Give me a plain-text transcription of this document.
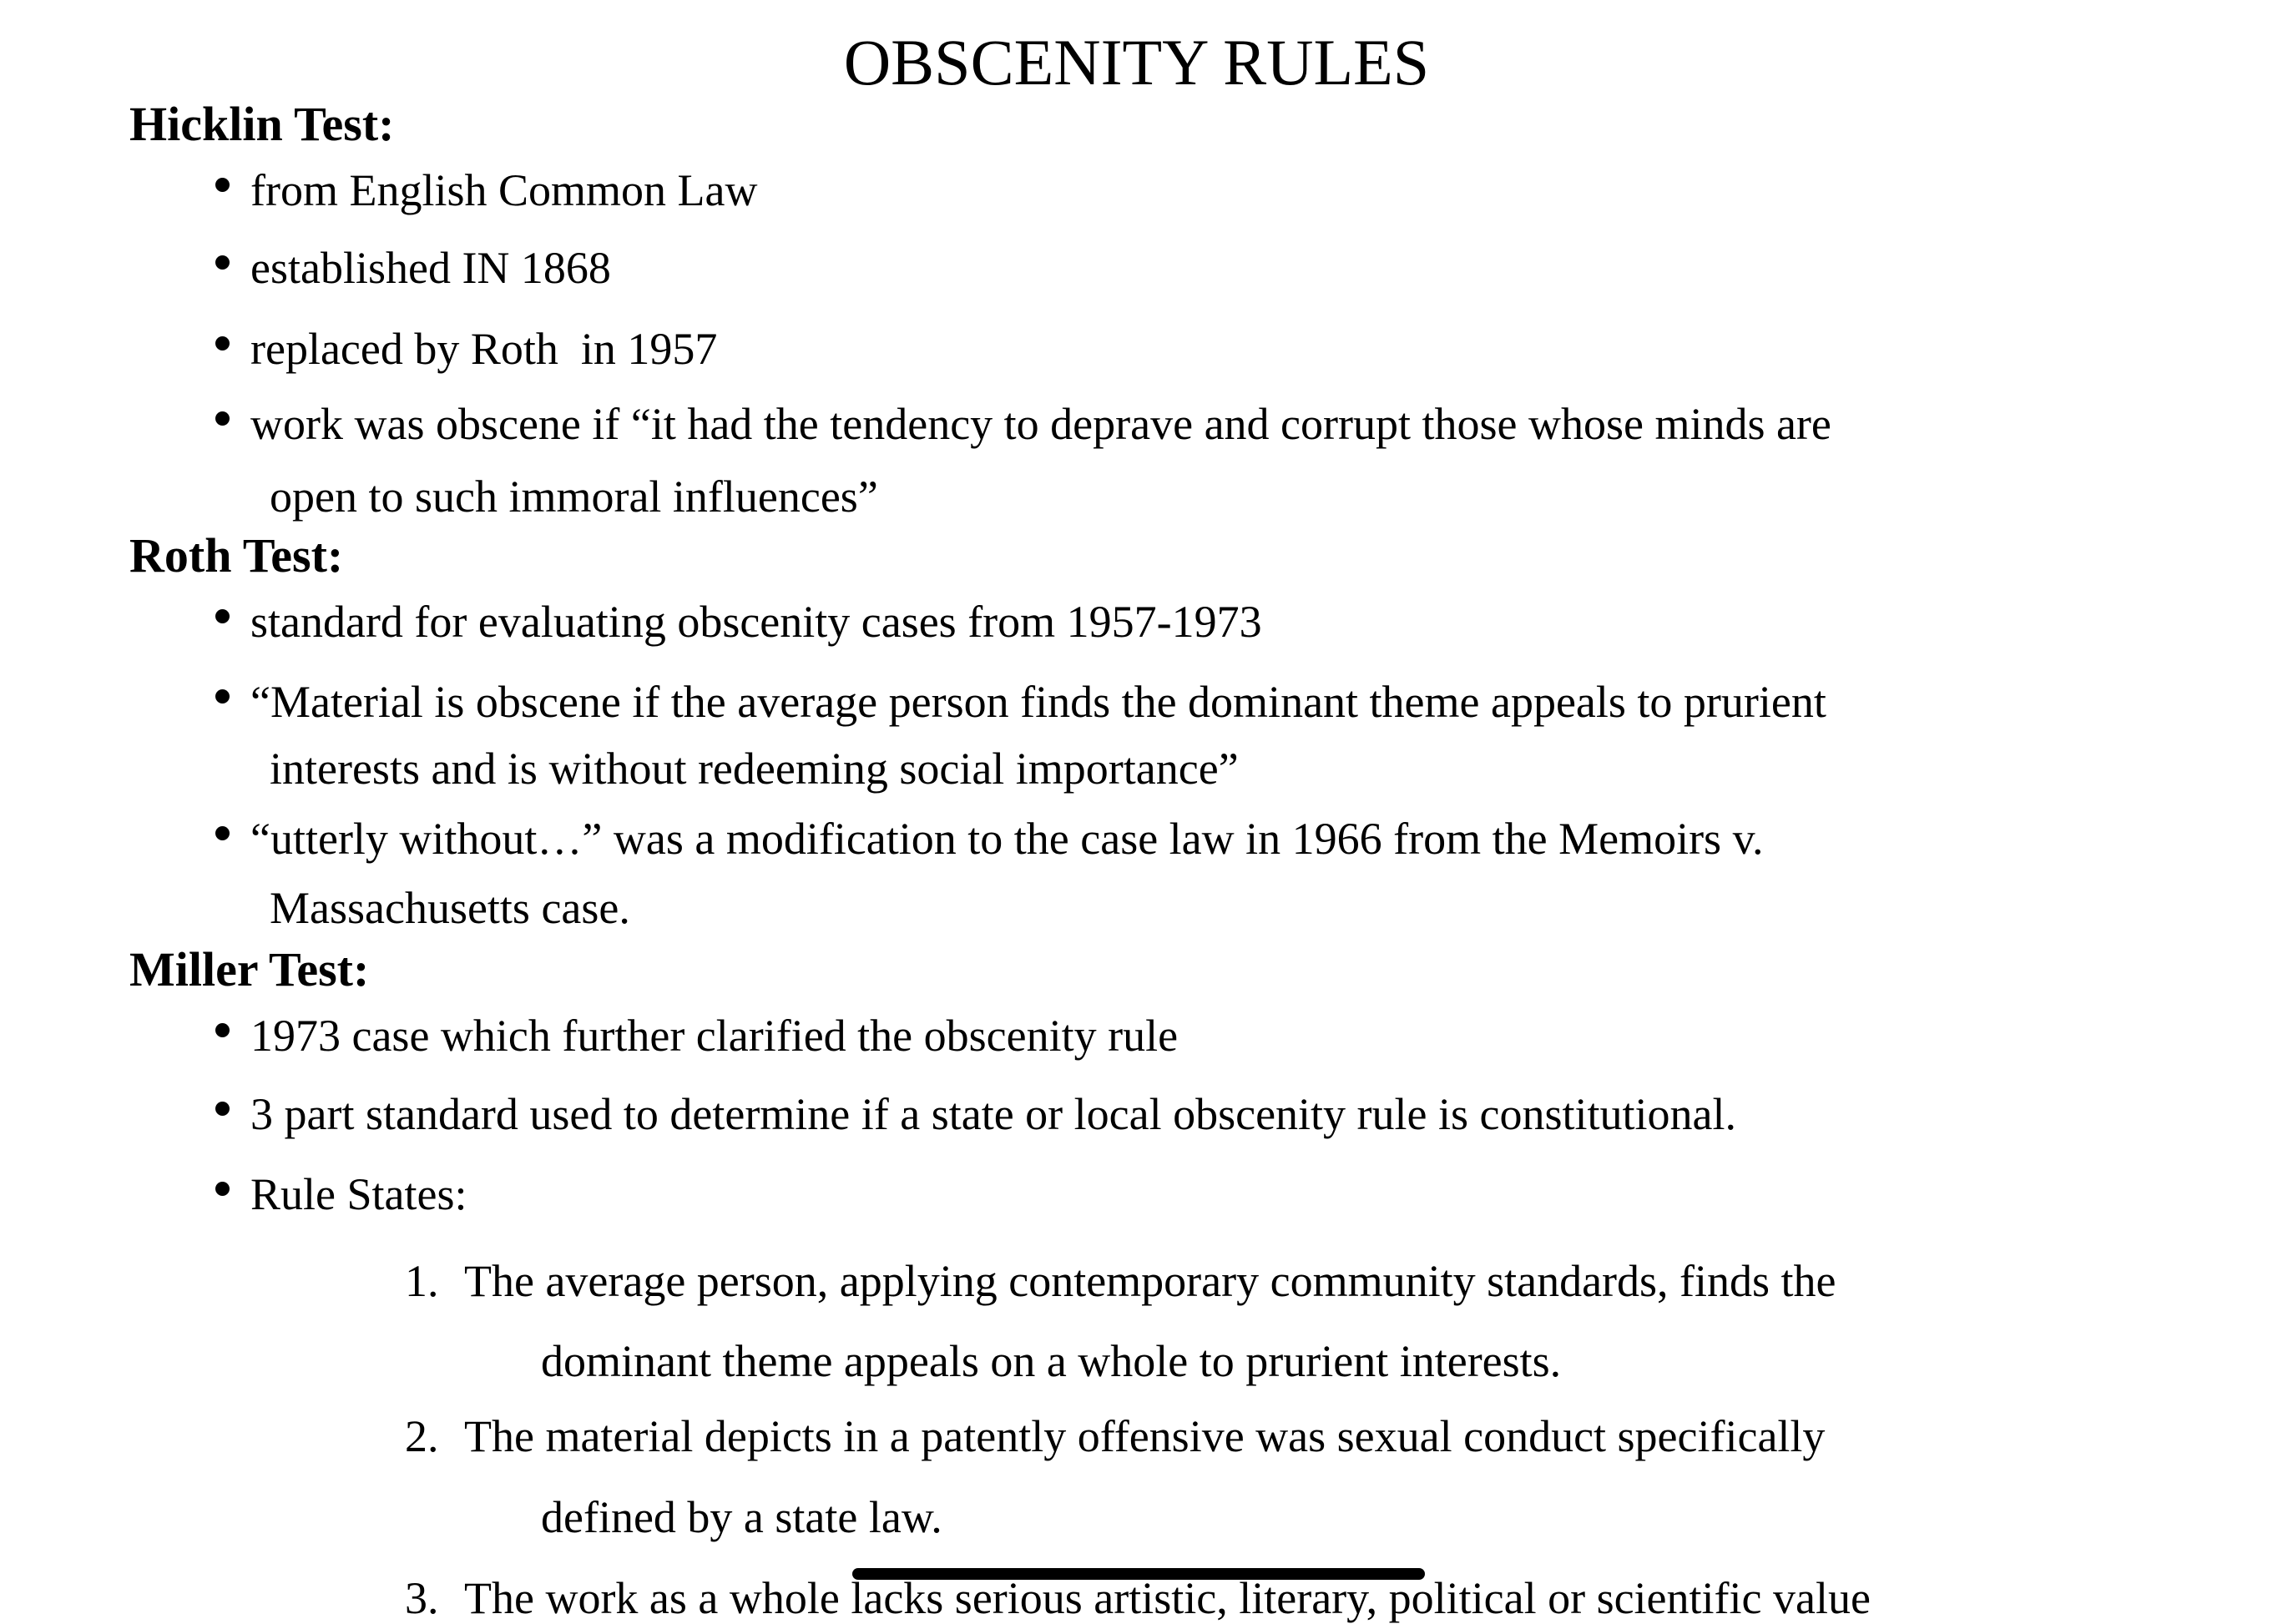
OBSCENITY RULES
Hicklin Test:
from English Common Law
established IN 1868
replaced by Roth  in 1957
work was obscene if “it had the tendency to deprave and corrupt those whose minds are
open to such immoral influences”
Roth Test:
standard for evaluating obscenity cases from 1957-1973
“Material is obscene if the average person finds the dominant theme appeals to prurient
interests and is without redeeming social importance”
“utterly without…” was a modification to the case law in 1966 from the Memoirs v.
Massachusetts case.
Miller Test:
1973 case which further clarified the obscenity rule
3 part standard used to determine if a state or local obscenity rule is constitutional.
Rule States:
1. The average person, applying contemporary community standards, finds the
dominant theme appeals on a whole to prurient interests.
2. The material depicts in a patently offensive was sexual conduct specifically
defined by a state law.
3. The work as a whole lacks serious artistic, literary, political or scientific value
